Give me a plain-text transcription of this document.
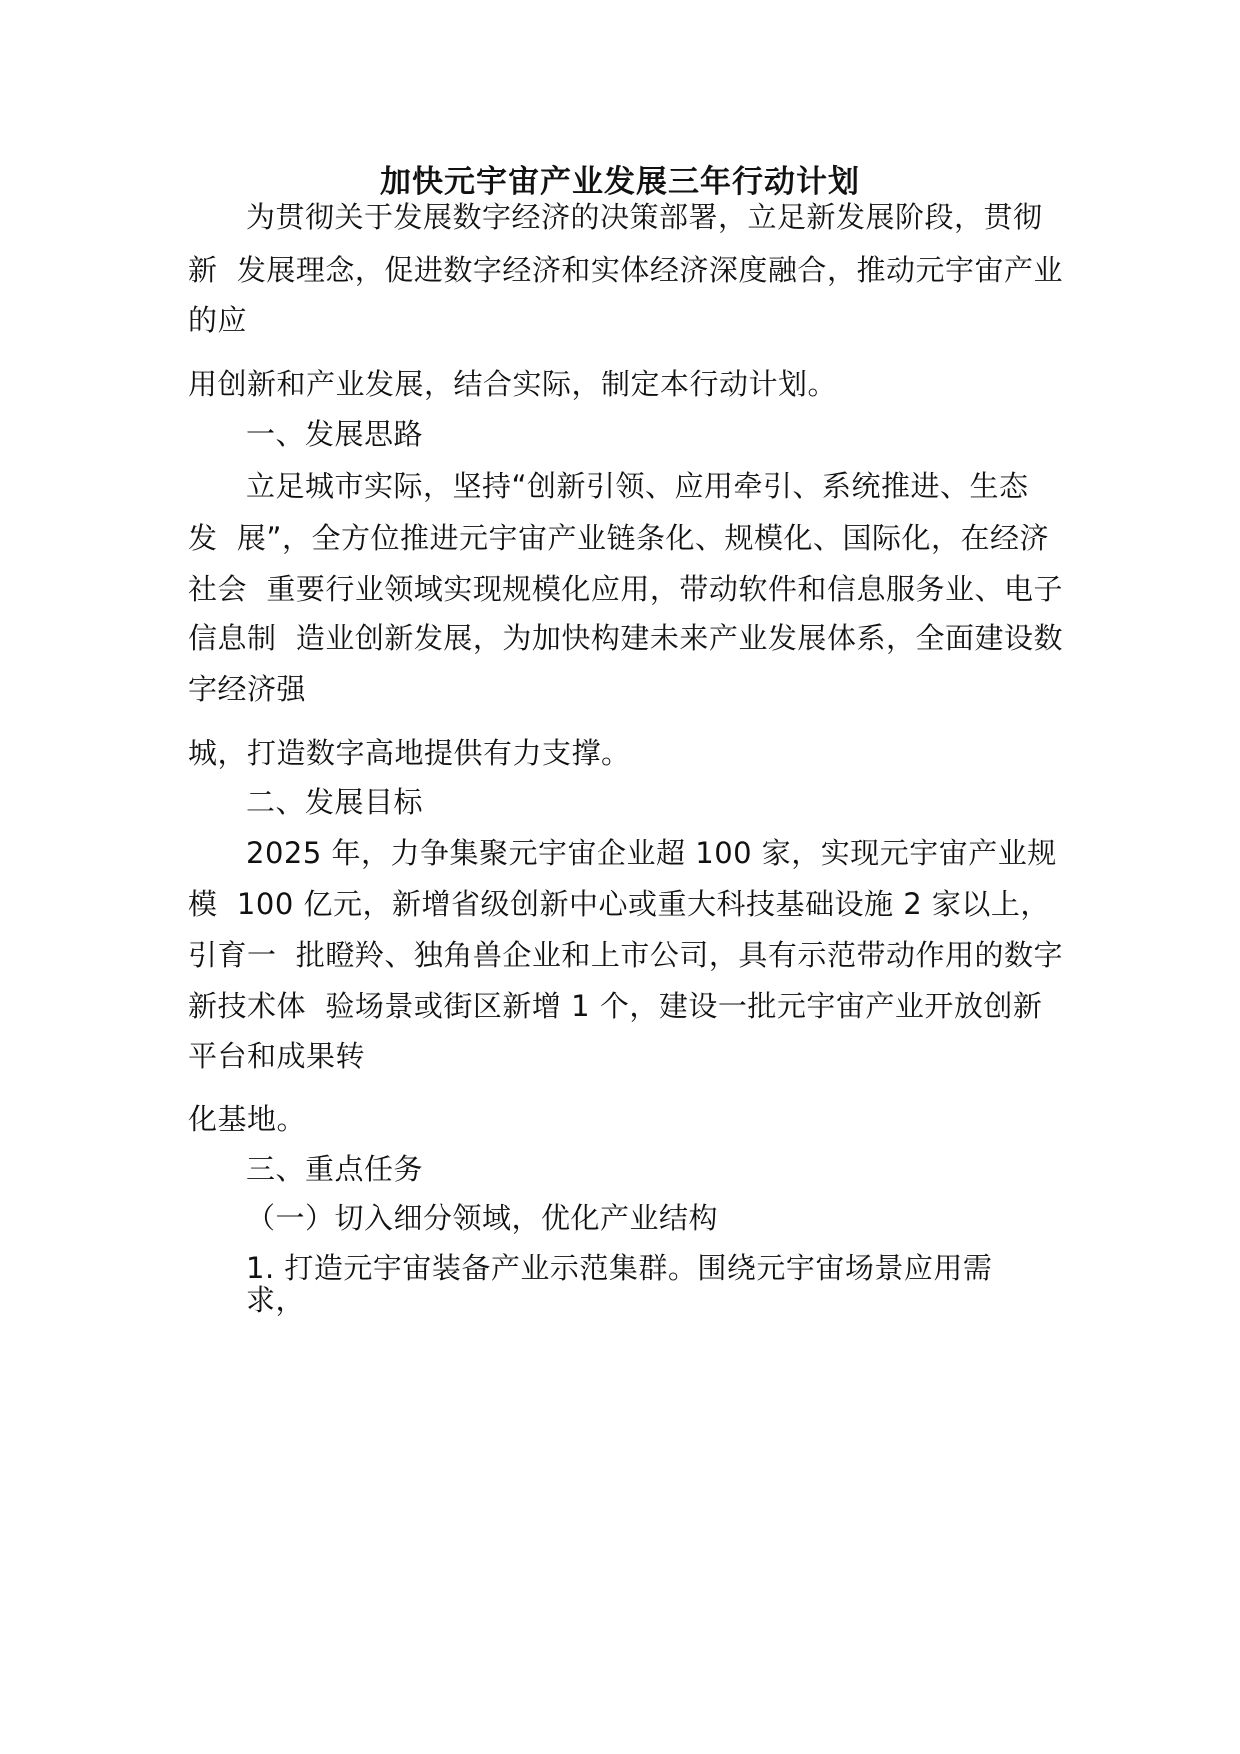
加快元宇宙产业发展三年行动计划
为贯彻关于发展数字经济的决策部署，立足新发展阶段，贯彻
新  发展理念，促进数字经济和实体经济深度融合，推动元宇宙产业
的应
用创新和产业发展，结合实际，制定本行动计划。
一、发展思路
立足城市实际，坚持“创新引领、应用牵引、系统推进、生态
发  展”，全方位推进元宇宙产业链条化、规模化、国际化，在经济
社会  重要行业领域实现规模化应用，带动软件和信息服务业、电子
信息制  造业创新发展，为加快构建未来产业发展体系，全面建设数
字经济强
城，打造数字高地提供有力支撑。
二、发展目标
2025 年，力争集聚元宇宙企业超 100 家，实现元宇宙产业规
模  100 亿元，新增省级创新中心或重大科技基础设施 2 家以上，
引育一  批瞪羚、独角兽企业和上市公司，具有示范带动作用的数字
新技术体  验场景或街区新增 1 个，建设一批元宇宙产业开放创新
平台和成果转
化基地。
三、重点任务
（一）切入细分领域，优化产业结构
1. 打造元宇宙装备产业示范集群。围绕元宇宙场景应用需
求，
